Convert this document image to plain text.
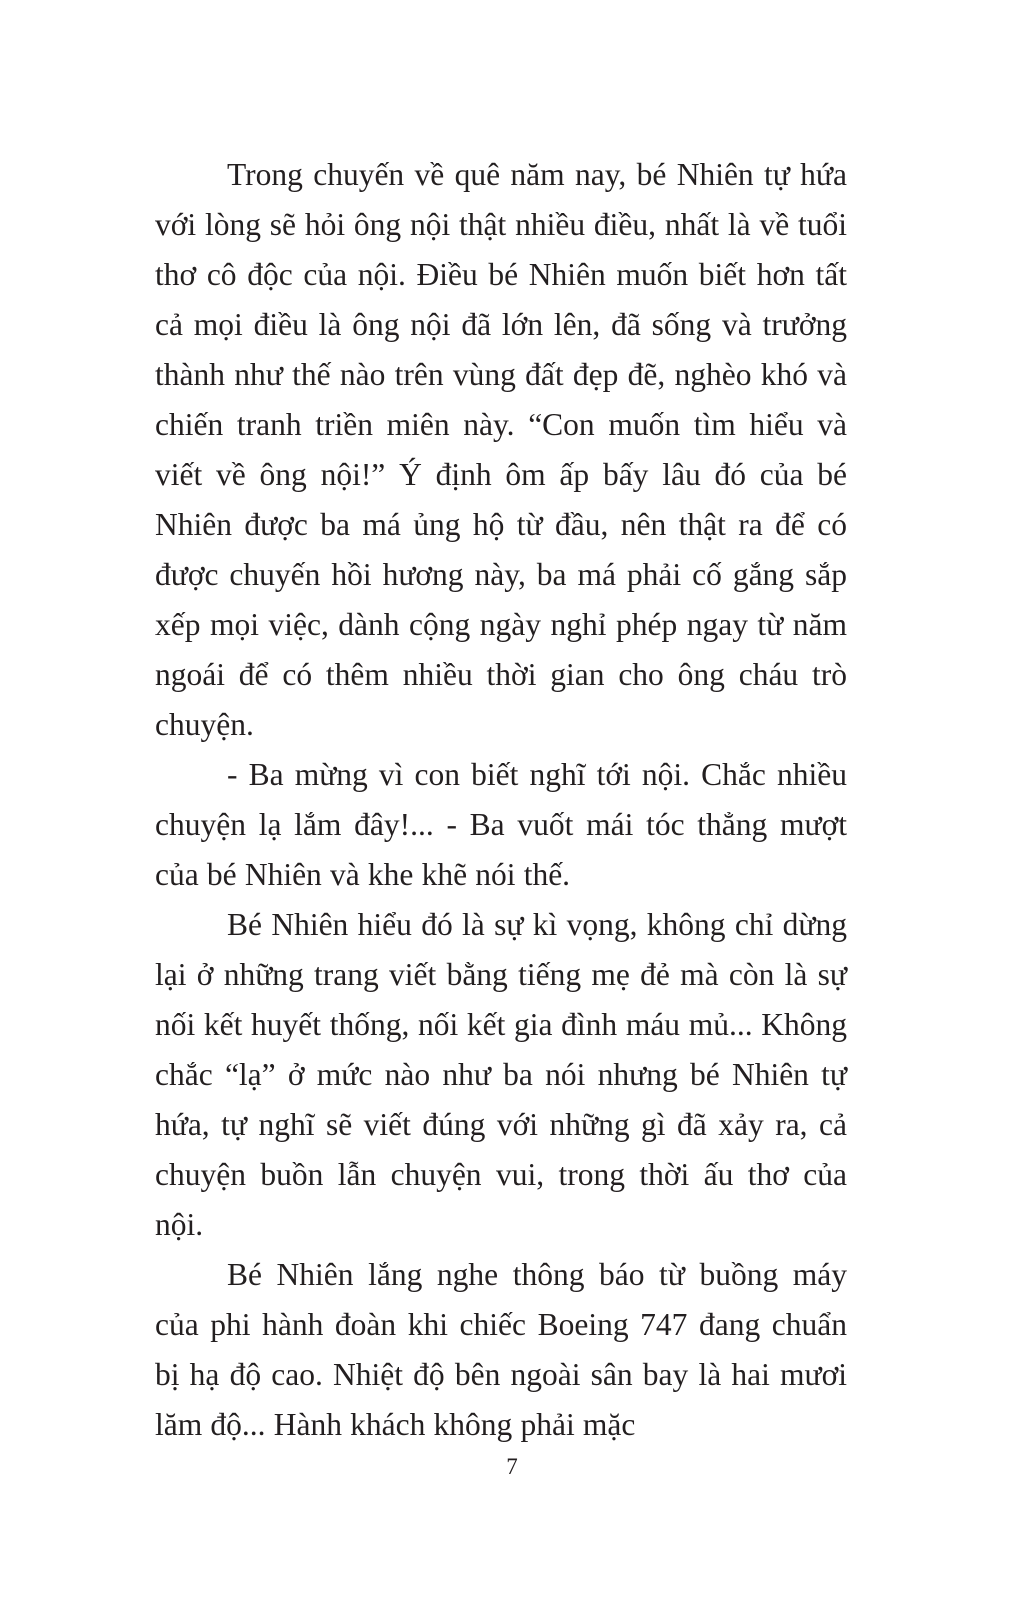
Trong chuyến về quê năm nay, bé Nhiên tự hứa với lòng sẽ hỏi ông nội thật nhiều điều, nhất là về tuổi thơ cô độc của nội. Điều bé Nhiên muốn biết hơn tất cả mọi điều là ông nội đã lớn lên, đã sống và trưởng thành như thế nào trên vùng đất đẹp đẽ, nghèo khó và chiến tranh triền miên này. “Con muốn tìm hiểu và viết về ông nội!” Ý định ôm ấp bấy lâu đó của bé Nhiên được ba má ủng hộ từ đầu, nên thật ra để có được chuyến hồi hương này, ba má phải cố gắng sắp xếp mọi việc, dành cộng ngày nghỉ phép ngay từ năm ngoái để có thêm nhiều thời gian cho ông cháu trò chuyện.

- Ba mừng vì con biết nghĩ tới nội. Chắc nhiều chuyện lạ lắm đây!... - Ba vuốt mái tóc thẳng mượt của bé Nhiên và khe khẽ nói thế.

Bé Nhiên hiểu đó là sự kì vọng, không chỉ dừng lại ở những trang viết bằng tiếng mẹ đẻ mà còn là sự nối kết huyết thống, nối kết gia đình máu mủ... Không chắc “lạ” ở mức nào như ba nói nhưng bé Nhiên tự hứa, tự nghĩ sẽ viết đúng với những gì đã xảy ra, cả chuyện buồn lẫn chuyện vui, trong thời ấu thơ của nội.

Bé Nhiên lắng nghe thông báo từ buồng máy của phi hành đoàn khi chiếc Boeing 747 đang chuẩn bị hạ độ cao. Nhiệt độ bên ngoài sân bay là hai mươi lăm độ... Hành khách không phải mặc

7
